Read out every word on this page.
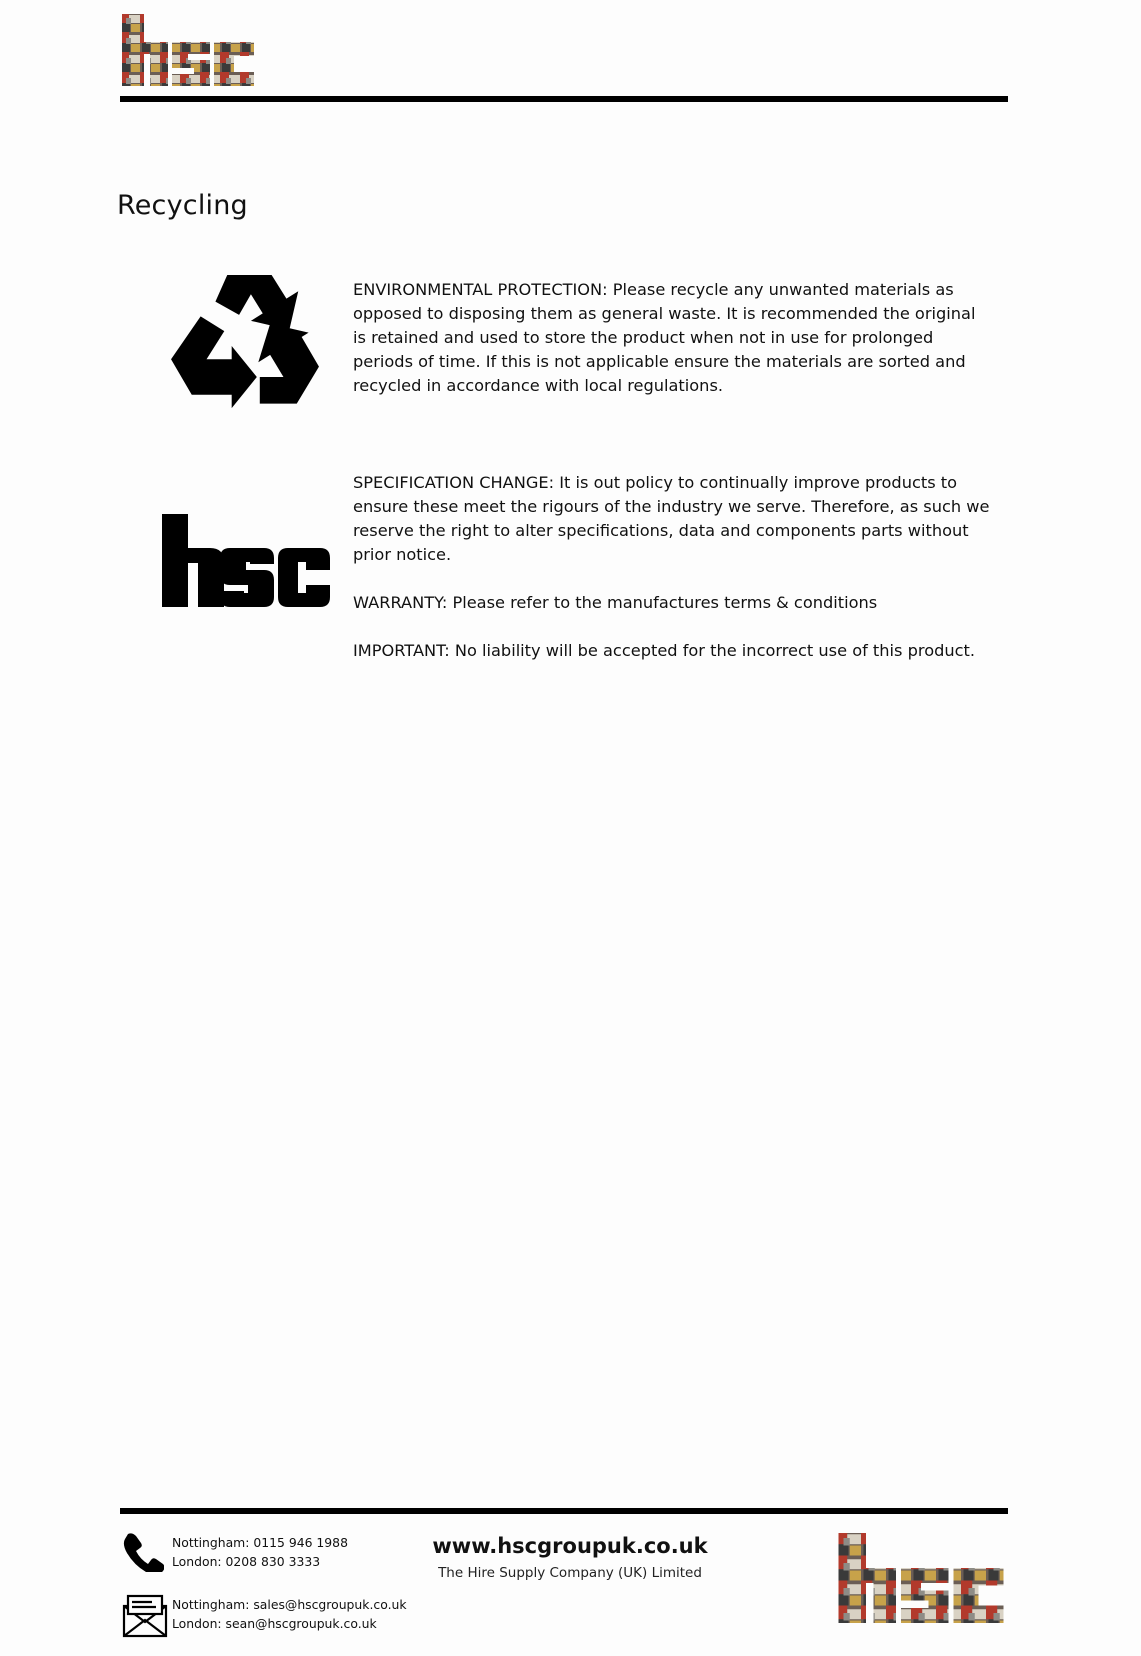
Recycling

ENVIRONMENTAL PROTECTION: Please recycle any unwanted materials as opposed to disposing them as general waste. It is recommended the original is retained and used to store the product when not in use for prolonged periods of time. If this is not applicable ensure the materials are sorted and recycled in accordance with local regulations.

SPECIFICATION CHANGE: It is out policy to continually improve products to ensure these meet the rigours of the industry we serve. Therefore, as such we reserve the right to alter specifications, data and components parts without prior notice.

WARRANTY: Please refer to the manufactures terms & conditions

IMPORTANT: No liability will be accepted for the incorrect use of this product.

Nottingham: 0115 946 1988
London: 0208 830 3333
Nottingham: sales@hscgroupuk.co.uk
London: sean@hscgroupuk.co.uk
www.hscgroupuk.co.uk
The Hire Supply Company (UK) Limited
